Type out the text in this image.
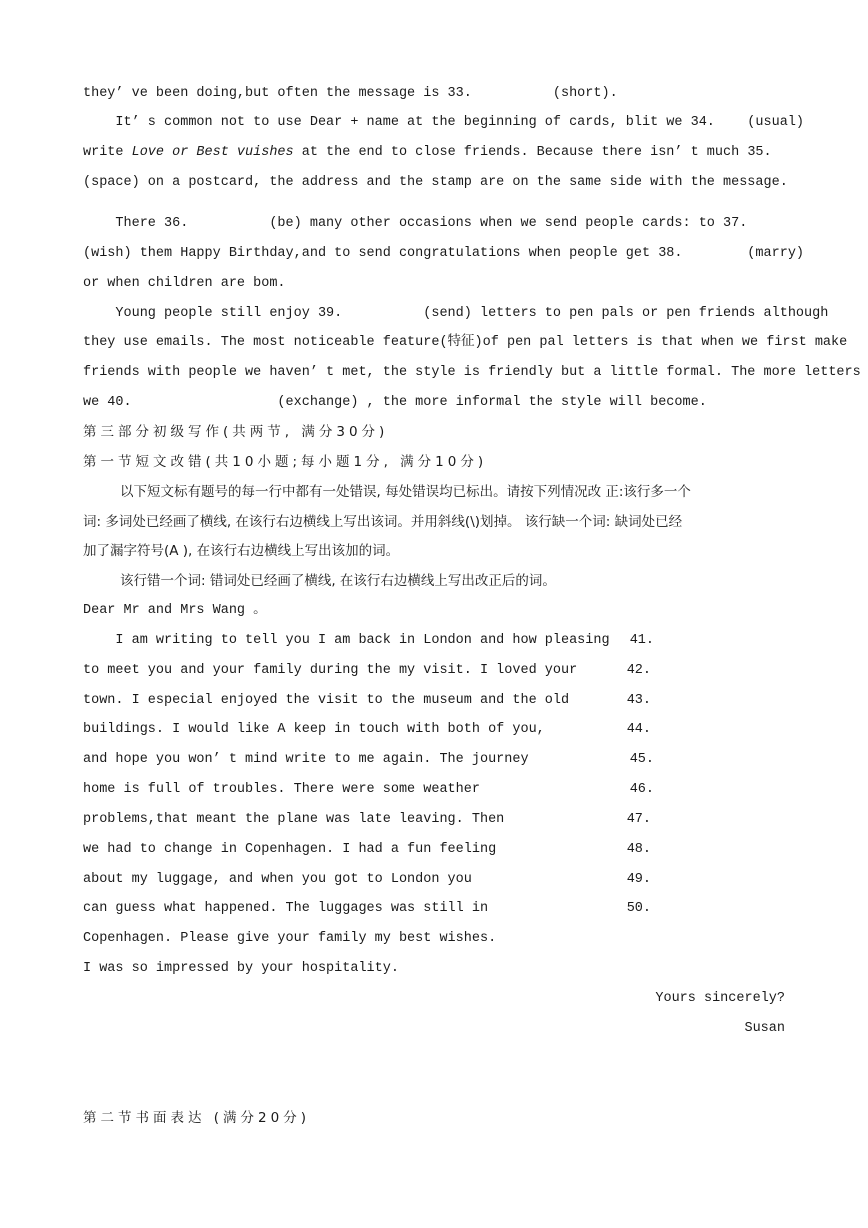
they’ ve been doing,but often the message is 33.          (short).
It’ s common not to use Dear + name at the beginning of cards, blit we 34.    (usual)
write Love or Best vuishes at the end to close friends. Because there isn’ t much 35.
(space) on a postcard, the address and the stamp are on the same side with the message.
There 36.          (be) many other occasions when we send people cards: to 37.
(wish) them Happy Birthday,and to send congratulations when people get 38.        (marry)
or when children are bom.
Young people still enjoy 39.          (send) letters to pen pals or pen friends although
they use emails. The most noticeable feature(特征)of pen pal letters is that when we first make
friends with people we haven’ t met, the style is friendly but a little formal. The more letters
we 40.                  (exchange) , the more informal the style will become.
第三部分初级写作(共两节, 满分30分)
第一节短文改错(共10小题;每小题1分, 满分10分)
以下短文标有题号的每一行中都有一处错误, 每处错误均已标出。请按下列情况改 正:该行多一个
词: 多词处已经画了横线, 在该行右边横线上写出该词。并用斜线(\)划掉。 该行缺一个词: 缺词处已经
加了漏字符号(A ), 在该行右边横线上写出该加的词。
该行错一个词: 错词处已经画了横线, 在该行右边横线上写出改正后的词。
Dear Mr and Mrs Wang 。
I am writing to tell you I am back in London and how pleasing	41.
to meet you and your family during the my visit. I loved your	42.
town. I especial enjoyed the visit to the museum and the old	43.
buildings. I would like A keep in touch with both of you,	44.
and hope you won’ t mind write to me again. The journey	45.
home is full of troubles. There were some weather	46.
problems,that meant the plane was late leaving. Then	47.
we had to change in Copenhagen. I had a fun feeling	48.
about my luggage, and when you got to London you	49.
can guess what happened. The luggages was still in	50.
Copenhagen. Please give your family my best wishes.
I was so impressed by your hospitality.
Yours sincerely?
Susan
第二节书面表达 (满分20分)
